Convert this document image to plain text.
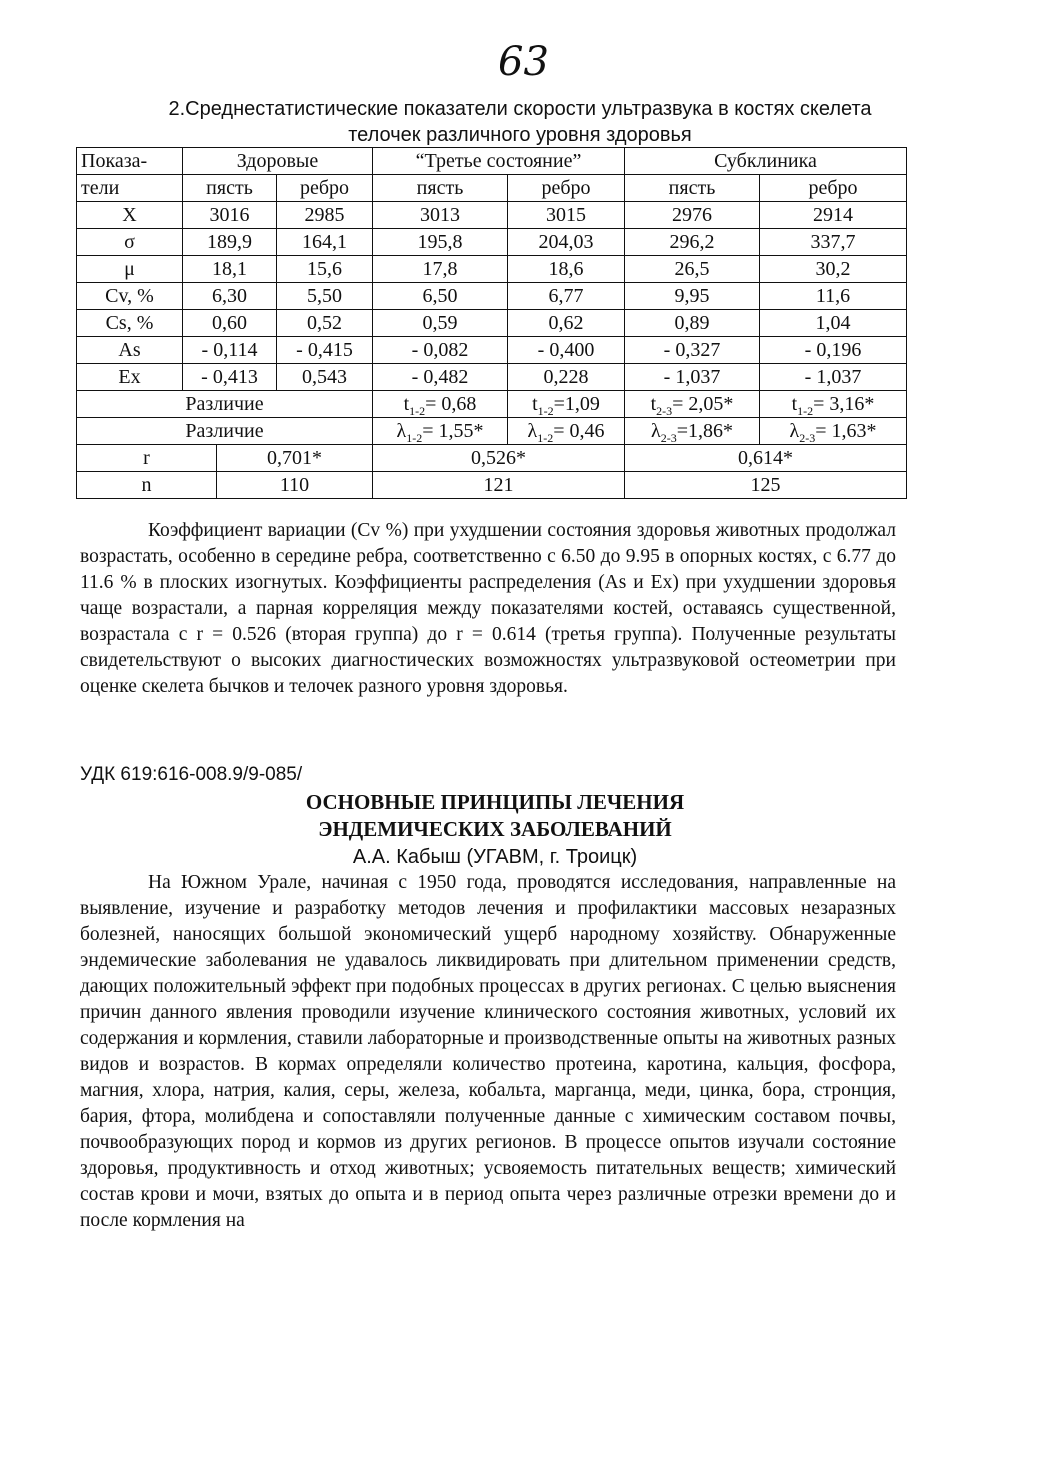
63
2.Среднестатистические показатели скорости ультразвука в костях скелета
телочек различного уровня здоровья
Показа-	Здоровые			“Третье состояние”		Субклиника	
тели	пясть		ребро	пясть	ребро	пясть	ребро
X	3016		2985	3013	3015	2976	2914
σ	189,9		164,1	195,8	204,03	296,2	337,7
μ	18,1		15,6	17,8	18,6	26,5	30,2
Cv, %	6,30		5,50	6,50	6,77	9,95	11,6
Cs, %	0,60		0,52	0,59	0,62	0,89	1,04
As	- 0,114		- 0,415	- 0,082	- 0,400	- 0,327	- 0,196
Ex	- 0,413		0,543	- 0,482	0,228	- 1,037	- 1,037
Различие				$t_{1-2}= 0,68$	$t_{1-2}=1,09$	$t_{2-3}= 2,05*$	$t_{1-2}= 3,16*$
Различие				$\lambda_{1-2}= 1,55*$	$\lambda_{1-2}= 0,46$	$\lambda_{2-3}=1,86*$	$\lambda_{2-3}= 1,63*$
r		0,701*		0,526*		0,614*	
n		110		121		125	

Коэффициент вариации (Cv %) при ухудшении состояния здоровья животных продолжал возрастать, особенно в середине ребра, соответственно с 6.50 до 9.95 в опорных костях, с 6.77 до 11.6 % в плоских изогнутых. Коэффициенты распределения (As и Ex) при ухудшении здоровья чаще возрастали, а парная корреляция между показателями костей, оставаясь существенной, возрастала с r = 0.526 (вторая группа) до r = 0.614 (третья группа). Полученные результаты свидетельствуют о высоких диагностических возможностях ультразвуковой остеометрии при оценке скелета бычков и телочек разного уровня здоровья.

УДК 619:616-008.9/9-085/
ОСНОВНЫЕ ПРИНЦИПЫ ЛЕЧЕНИЯ
ЭНДЕМИЧЕСКИХ ЗАБОЛЕВАНИЙ
А.А. Кабыш (УГАВМ, г. Троицк)

На Южном Урале, начиная с 1950 года, проводятся исследования, направленные на выявление, изучение и разработку методов лечения и профилактики массовых незаразных болезней, наносящих большой экономический ущерб народному хозяйству. Обнаруженные эндемические заболевания не удавалось ликвидировать при длительном применении средств, дающих положительный эффект при подобных процессах в других регионах. С целью выяснения причин данного явления проводили изучение клинического состояния животных, условий их содержания и кормления, ставили лабораторные и производственные опыты на животных разных видов и возрастов. В кормах определяли количество протеина, каротина, кальция, фосфора, магния, хлора, натрия, калия, серы, железа, кобальта, марганца, меди, цинка, бора, стронция, бария, фтора, молибдена и сопоставляли полученные данные с химическим составом почвы, почвообразующих пород и кормов из других регионов. В процессе опытов изучали состояние здоровья, продуктивность и отход животных; усвояемость питательных веществ; химический состав крови и мочи, взятых до опыта и в период опыта через различные отрезки времени до и после кормления на
